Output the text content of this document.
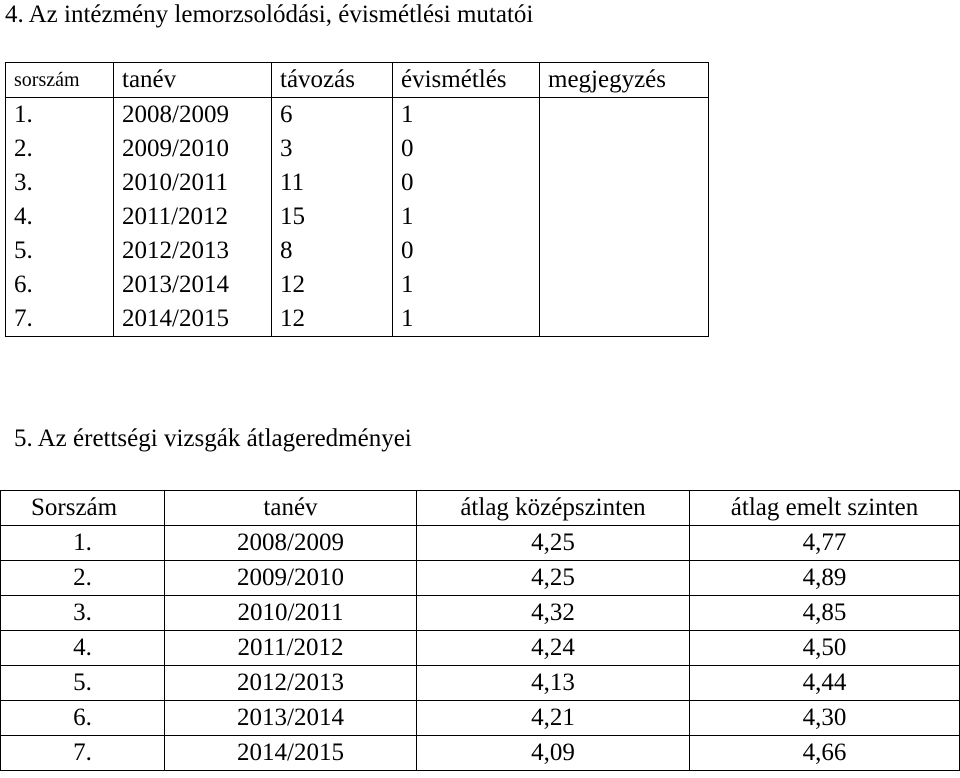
4. Az intézmény lemorzsolódási, évismétlési mutatói
sorszám	tanév	távozás	évismétlés	megjegyzés
1.	2008/2009	6	1	
2.	2009/2010	3	0	
3.	2010/2011	11	0	
4.	2011/2012	15	1	
5.	2012/2013	8	0	
6.	2013/2014	12	1	
7.	2014/2015	12	1	
5. Az érettségi vizsgák átlageredményei
Sorszám	tanév	átlag középszinten	átlag emelt szinten
1.	2008/2009	4,25	4,77
2.	2009/2010	4,25	4,89
3.	2010/2011	4,32	4,85
4.	2011/2012	4,24	4,50
5.	2012/2013	4,13	4,44
6.	2013/2014	4,21	4,30
7.	2014/2015	4,09	4,66
